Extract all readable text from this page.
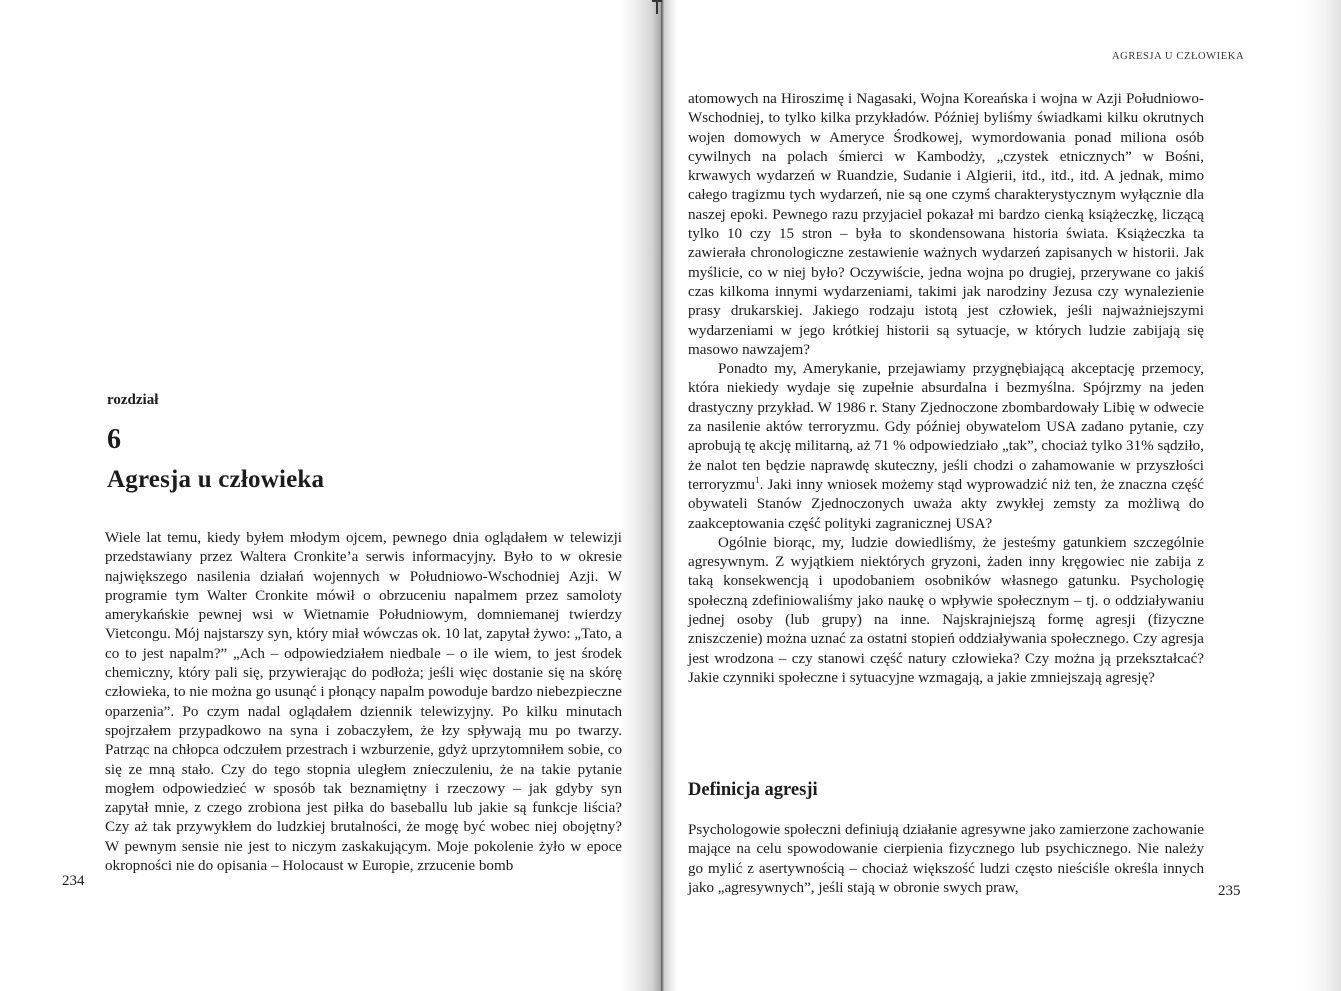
rozdział
6
Agresja u człowieka

Wiele lat temu, kiedy byłem młodym ojcem, pewnego dnia oglądałem w telewizji przedstawiany przez Waltera Cronkite’a serwis informacyjny. Było to w okresie największego nasilenia działań wojennych w Południowo-Wschodniej Azji. W programie tym Walter Cronkite mówił o obrzuceniu napalmem przez samoloty amerykańskie pewnej wsi w Wietnamie Południowym, domniemanej twierdzy Vietcongu. Mój najstarszy syn, który miał wówczas ok. 10 lat, zapytał żywo: „Tato, a co to jest napalm?” „Ach – odpowiedziałem niedbale – o ile wiem, to jest środek chemiczny, który pali się, przywierając do podłoża; jeśli więc dostanie się na skórę człowieka, to nie można go usunąć i płonący napalm powoduje bardzo niebezpieczne oparzenia”. Po czym nadal oglądałem dziennik telewizyjny. Po kilku minutach spojrzałem przypadkowo na syna i zobaczyłem, że łzy spływają mu po twarzy. Patrząc na chłopca odczułem przestrach i wzburzenie, gdyż uprzytomniłem sobie, co się ze mną stało. Czy do tego stopnia uległem znieczuleniu, że na takie pytanie mogłem odpowiedzieć w sposób tak beznamiętny i rzeczowy – jak gdyby syn zapytał mnie, z czego zrobiona jest piłka do baseballu lub jakie są funkcje liścia? Czy aż tak przywykłem do ludzkiej brutalności, że mogę być wobec niej obojętny? W pewnym sensie nie jest to niczym zaskakującym. Moje pokolenie żyło w epoce okropności nie do opisania – Holocaust w Europie, zrzucenie bomb

234
AGRESJA U CZŁOWIEKA

atomowych na Hiroszimę i Nagasaki, Wojna Koreańska i wojna w Azji Południowo-Wschodniej, to tylko kilka przykładów. Później byliśmy świadkami kilku okrutnych wojen domowych w Ameryce Środkowej, wymordowania ponad miliona osób cywilnych na polach śmierci w Kambodży, „czystek etnicznych” w Bośni, krwawych wydarzeń w Ruandzie, Sudanie i Algierii, itd., itd., itd. A jednak, mimo całego tragizmu tych wydarzeń, nie są one czymś charakterystycznym wyłącznie dla naszej epoki. Pewnego razu przyjaciel pokazał mi bardzo cienką książeczkę, liczącą tylko 10 czy 15 stron – była to skondensowana historia świata. Książeczka ta zawierała chronologiczne zestawienie ważnych wydarzeń zapisanych w historii. Jak myślicie, co w niej było? Oczywiście, jedna wojna po drugiej, przerywane co jakiś czas kilkoma innymi wydarzeniami, takimi jak narodziny Jezusa czy wynalezienie prasy drukarskiej. Jakiego rodzaju istotą jest człowiek, jeśli najważniejszymi wydarzeniami w jego krótkiej historii są sytuacje, w których ludzie zabijają się masowo nawzajem?

Ponadto my, Amerykanie, przejawiamy przygnębiającą akceptację przemocy, która niekiedy wydaje się zupełnie absurdalna i bezmyślna. Spójrzmy na jeden drastyczny przykład. W 1986 r. Stany Zjednoczone zbombardowały Libię w odwecie za nasilenie aktów terroryzmu. Gdy później obywatelom USA zadano pytanie, czy aprobują tę akcję militarną, aż 71 % odpowiedziało „tak”, chociaż tylko 31% sądziło, że nalot ten będzie naprawdę skuteczny, jeśli chodzi o zahamowanie w przyszłości terroryzmu$^1$. Jaki inny wniosek możemy stąd wyprowadzić niż ten, że znaczna część obywateli Stanów Zjednoczonych uważa akty zwykłej zemsty za możliwą do zaakceptowania część polityki zagranicznej USA?

Ogólnie biorąc, my, ludzie dowiedliśmy, że jesteśmy gatunkiem szczególnie agresywnym. Z wyjątkiem niektórych gryzoni, żaden inny kręgowiec nie zabija z taką konsekwencją i upodobaniem osobników własnego gatunku. Psychologię społeczną zdefiniowaliśmy jako naukę o wpływie społecznym – tj. o oddziaływaniu jednej osoby (lub grupy) na inne. Najskrajniejszą formę agresji (fizyczne zniszczenie) można uznać za ostatni stopień oddziaływania społecznego. Czy agresja jest wrodzona – czy stanowi część natury człowieka? Czy można ją przekształcać? Jakie czynniki społeczne i sytuacyjne wzmagają, a jakie zmniejszają agresję?

Definicja agresji

Psychologowie społeczni definiują działanie agresywne jako zamierzone zachowanie mające na celu spowodowanie cierpienia fizycznego lub psychicznego. Nie należy go mylić z asertywnością – chociaż większość ludzi często nieściśle określa innych jako „agresywnych”, jeśli stają w obronie swych praw,	235
